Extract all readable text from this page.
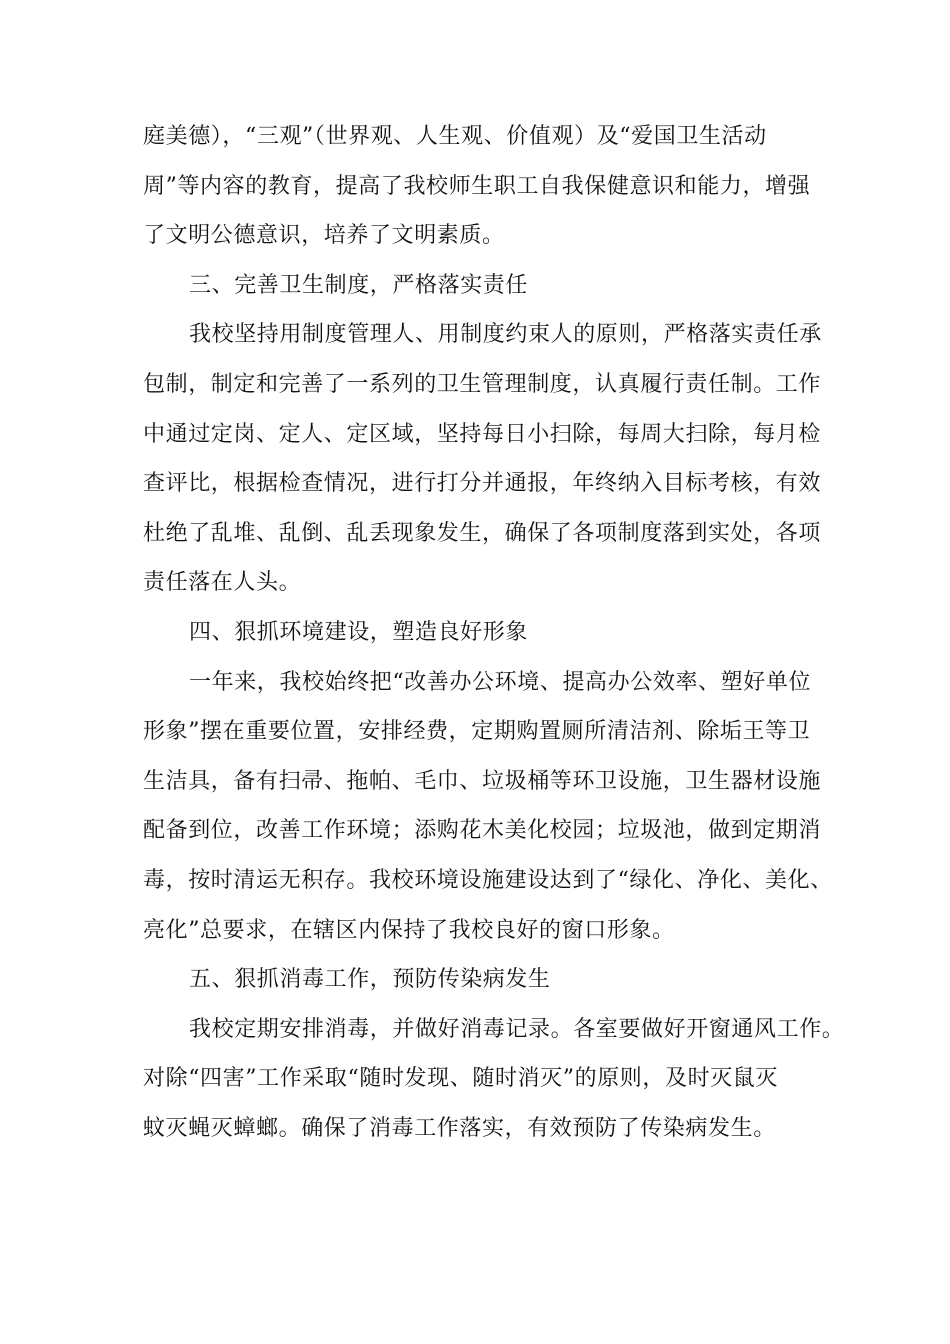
庭美德），“三观”（世界观、人生观、价值观）及“爱国卫生活动
周”等内容的教育，提高了我校师生职工自我保健意识和能力，增强
了文明公德意识，培养了文明素质。
三、完善卫生制度，严格落实责任
我校坚持用制度管理人、用制度约束人的原则，严格落实责任承
包制，制定和完善了一系列的卫生管理制度，认真履行责任制。工作
中通过定岗、定人、定区域，坚持每日小扫除，每周大扫除，每月检
查评比，根据检查情况，进行打分并通报，年终纳入目标考核，有效
杜绝了乱堆、乱倒、乱丢现象发生，确保了各项制度落到实处，各项
责任落在人头。
四、狠抓环境建设，塑造良好形象
一年来，我校始终把“改善办公环境、提高办公效率、塑好单位
形象”摆在重要位置，安排经费，定期购置厕所清洁剂、除垢王等卫
生洁具，备有扫帚、拖帕、毛巾、垃圾桶等环卫设施，卫生器材设施
配备到位，改善工作环境；添购花木美化校园；垃圾池，做到定期消
毒，按时清运无积存。我校环境设施建设达到了“绿化、净化、美化、
亮化”总要求，在辖区内保持了我校良好的窗口形象。
五、狠抓消毒工作，预防传染病发生
我校定期安排消毒，并做好消毒记录。各室要做好开窗通风工作。
对除“四害”工作采取“随时发现、随时消灭”的原则，及时灭鼠灭
蚊灭蝇灭蟑螂。确保了消毒工作落实，有效预防了传染病发生。
